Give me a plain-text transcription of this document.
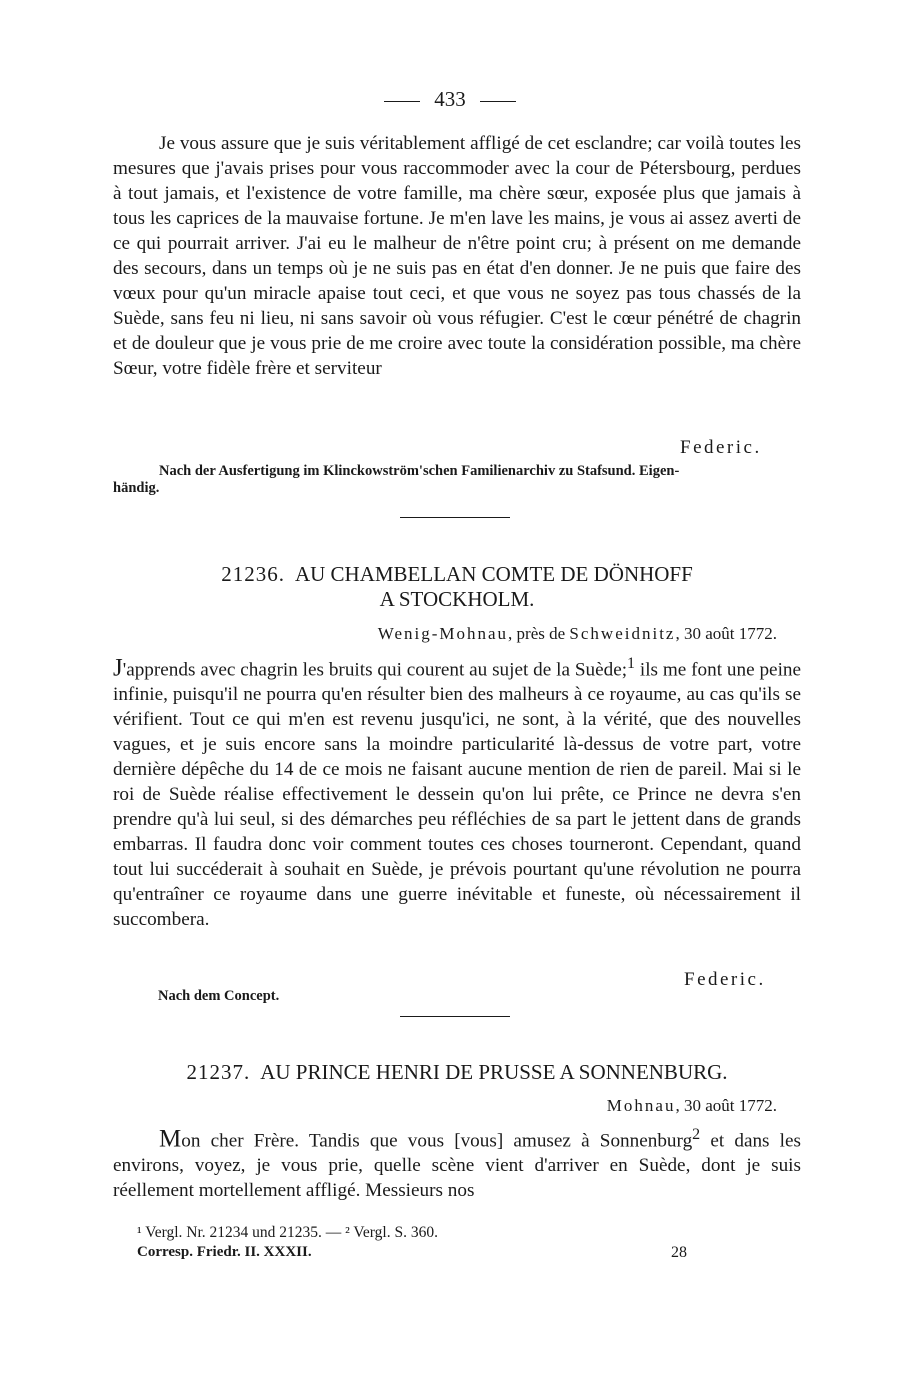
433

Je vous assure que je suis véritablement affligé de cet esclandre; car voilà toutes les mesures que j'avais prises pour vous raccommoder avec la cour de Pétersbourg, perdues à tout jamais, et l'existence de votre famille, ma chère sœur, exposée plus que jamais à tous les caprices de la mauvaise fortune. Je m'en lave les mains, je vous ai assez averti de ce qui pourrait arriver. J'ai eu le malheur de n'être point cru; à présent on me demande des secours, dans un temps où je ne suis pas en état d'en donner. Je ne puis que faire des vœux pour qu'un miracle apaise tout ceci, et que vous ne soyez pas tous chassés de la Suède, sans feu ni lieu, ni sans savoir où vous réfugier. C'est le cœur pénétré de chagrin et de douleur que je vous prie de me croire avec toute la considération possible, ma chère Sœur, votre fidèle frère et serviteur

Federic.
Nach der Ausfertigung im Klinckowström'schen Familienarchiv zu Stafsund. Eigen-
händig.
21236. AU CHAMBELLAN COMTE DE DÖNHOFF
A STOCKHOLM.
Wenig-Mohnau, près de Schweidnitz, 30 août 1772.

J'apprends avec chagrin les bruits qui courent au sujet de la Suède;$^1$ ils me font une peine infinie, puisqu'il ne pourra qu'en résulter bien des malheurs à ce royaume, au cas qu'ils se vérifient. Tout ce qui m'en est revenu jusqu'ici, ne sont, à la vérité, que des nouvelles vagues, et je suis encore sans la moindre particularité là-dessus de votre part, votre dernière dépêche du 14 de ce mois ne faisant aucune mention de rien de pareil. Mai si le roi de Suède réalise effectivement le dessein qu'on lui prête, ce Prince ne devra s'en prendre qu'à lui seul, si des démarches peu réfléchies de sa part le jettent dans de grands embarras. Il faudra donc voir comment toutes ces choses tourneront. Cependant, quand tout lui succéderait à souhait en Suède, je prévois pourtant qu'une révolution ne pourra qu'entraîner ce royaume dans une guerre inévitable et funeste, où nécessairement il succombera.

Federic.
Nach dem Concept.
21237. AU PRINCE HENRI DE PRUSSE A SONNENBURG.
Mohnau, 30 août 1772.

Mon cher Frère. Tandis que vous [vous] amusez à Sonnenburg$^2$ et dans les environs, voyez, je vous prie, quelle scène vient d'arriver en Suède, dont je suis réellement mortellement affligé. Messieurs nos

¹ Vergl. Nr. 21234 und 21235. — ² Vergl. S. 360.
Corresp. Friedr. II. XXXII.	28
